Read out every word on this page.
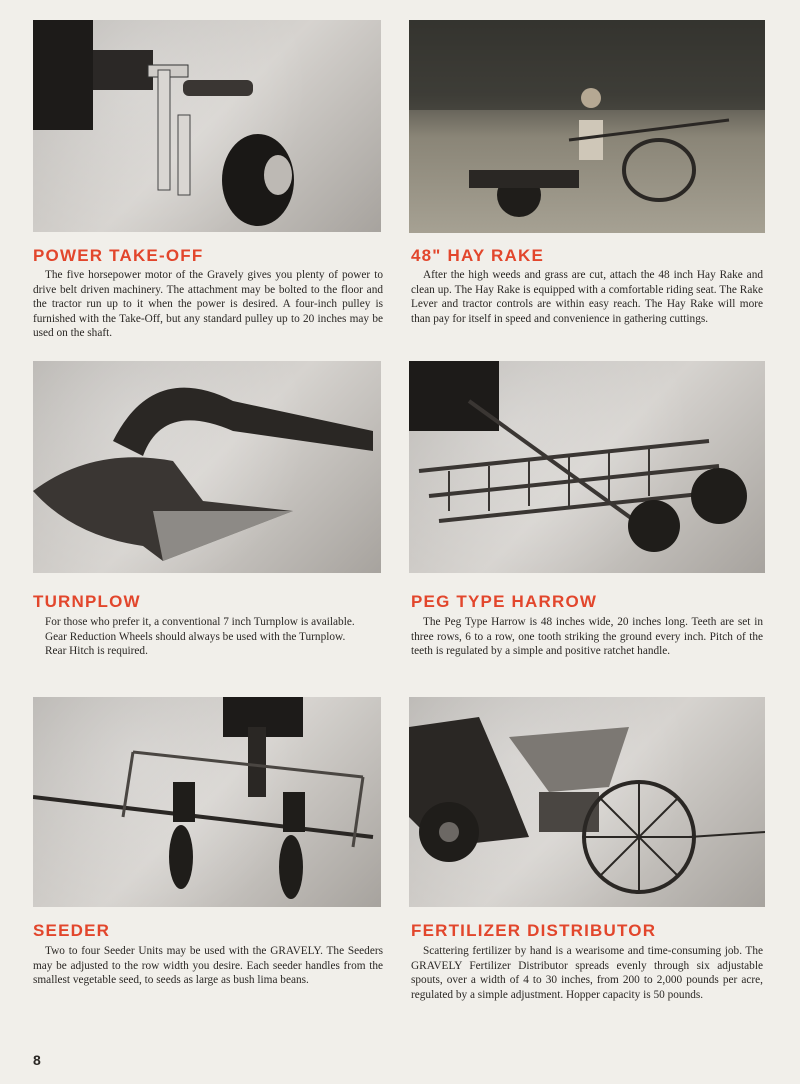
POWER TAKE-OFF

The five horsepower motor of the Gravely gives you plenty of power to drive belt driven machinery. The attachment may be bolted to the floor and the tractor run up to it when the power is desired. A four-inch pulley is furnished with the Take-Off, but any standard pulley up to 20 inches may be used on the shaft.

48" HAY RAKE

After the high weeds and grass are cut, attach the 48 inch Hay Rake and clean up. The Hay Rake is equipped with a comfortable riding seat. The Rake Lever and tractor controls are within easy reach. The Hay Rake will more than pay for itself in speed and convenience in gathering cuttings.

TURNPLOW

For those who prefer it, a conventional 7 inch Turnplow is available.

Gear Reduction Wheels should always be used with the Turnplow.

Rear Hitch is required.

PEG TYPE HARROW

The Peg Type Harrow is 48 inches wide, 20 inches long. Teeth are set in three rows, 6 to a row, one tooth striking the ground every inch. Pitch of the teeth is regulated by a simple and positive ratchet handle.

SEEDER

Two to four Seeder Units may be used with the GRAVELY. The Seeders may be adjusted to the row width you desire. Each seeder handles from the smallest vegetable seed, to seeds as large as bush lima beans.

FERTILIZER DISTRIBUTOR

Scattering fertilizer by hand is a wearisome and time-consuming job. The GRAVELY Fertilizer Distributor spreads evenly through six adjustable spouts, over a width of 4 to 30 inches, from 200 to 2,000 pounds per acre, regulated by a simple adjustment. Hopper capacity is 50 pounds.

8
